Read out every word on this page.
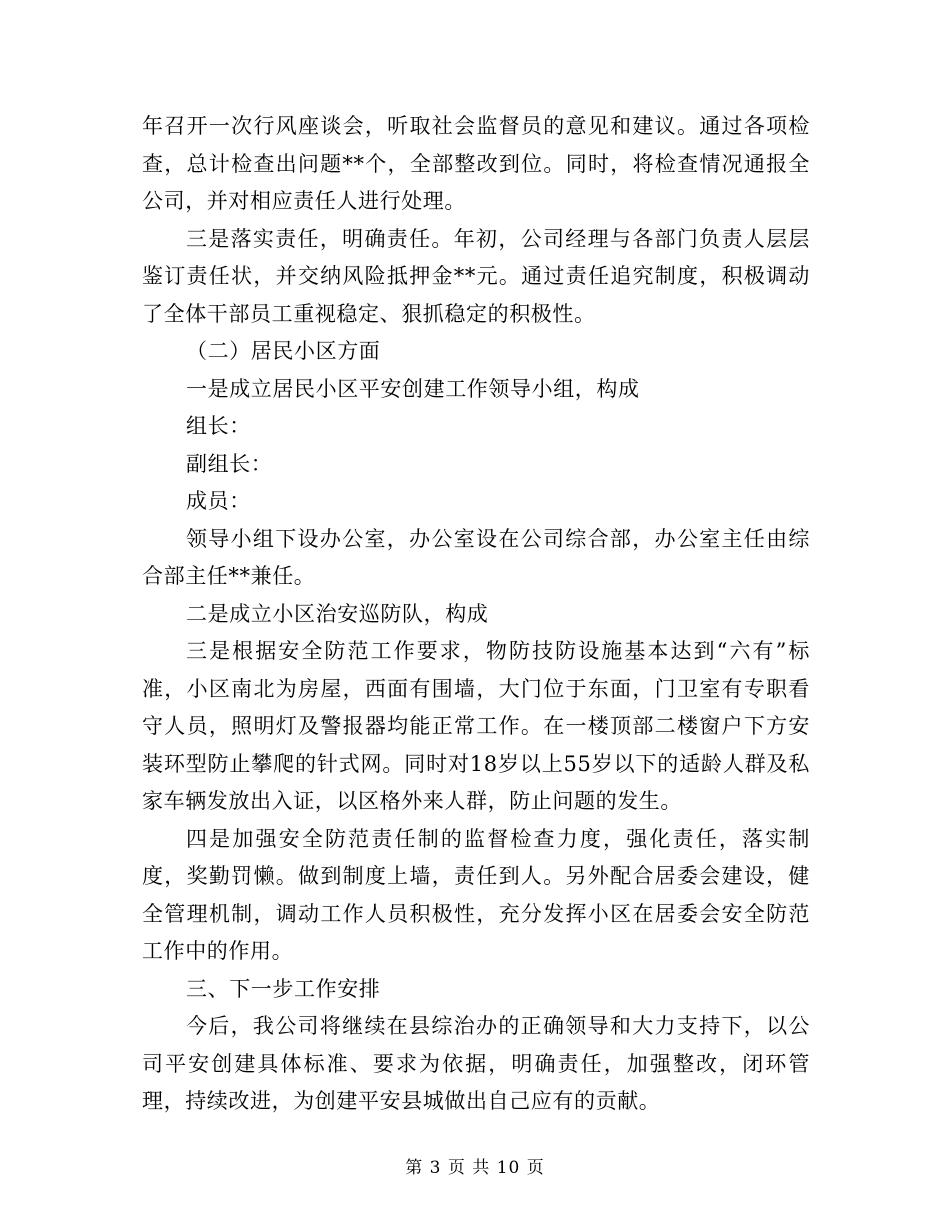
年召开一次行风座谈会，听取社会监督员的意见和建议。通过各项检查，总计检查出问题**个，全部整改到位。同时，将检查情况通报全公司，并对相应责任人进行处理。

三是落实责任，明确责任。年初，公司经理与各部门负责人层层鉴订责任状，并交纳风险抵押金**元。通过责任追究制度，积极调动了全体干部员工重视稳定、狠抓稳定的积极性。

（二）居民小区方面

一是成立居民小区平安创建工作领导小组，构成

组长：

副组长：

成员：

领导小组下设办公室，办公室设在公司综合部，办公室主任由综合部主任**兼任。

二是成立小区治安巡防队，构成

三是根据安全防范工作要求，物防技防设施基本达到“六有”标准，小区南北为房屋，西面有围墙，大门位于东面，门卫室有专职看守人员，照明灯及警报器均能正常工作。在一楼顶部二楼窗户下方安装环型防止攀爬的针式网。同时对18岁以上55岁以下的适龄人群及私家车辆发放出入证，以区格外来人群，防止问题的发生。

四是加强安全防范责任制的监督检查力度，强化责任，落实制度，奖勤罚懒。做到制度上墙，责任到人。另外配合居委会建设，健全管理机制，调动工作人员积极性，充分发挥小区在居委会安全防范工作中的作用。

三、下一步工作安排

今后，我公司将继续在县综治办的正确领导和大力支持下，以公司平安创建具体标准、要求为依据，明确责任，加强整改，闭环管理，持续改进，为创建平安县城做出自己应有的贡献。

第 3 页 共 10 页
